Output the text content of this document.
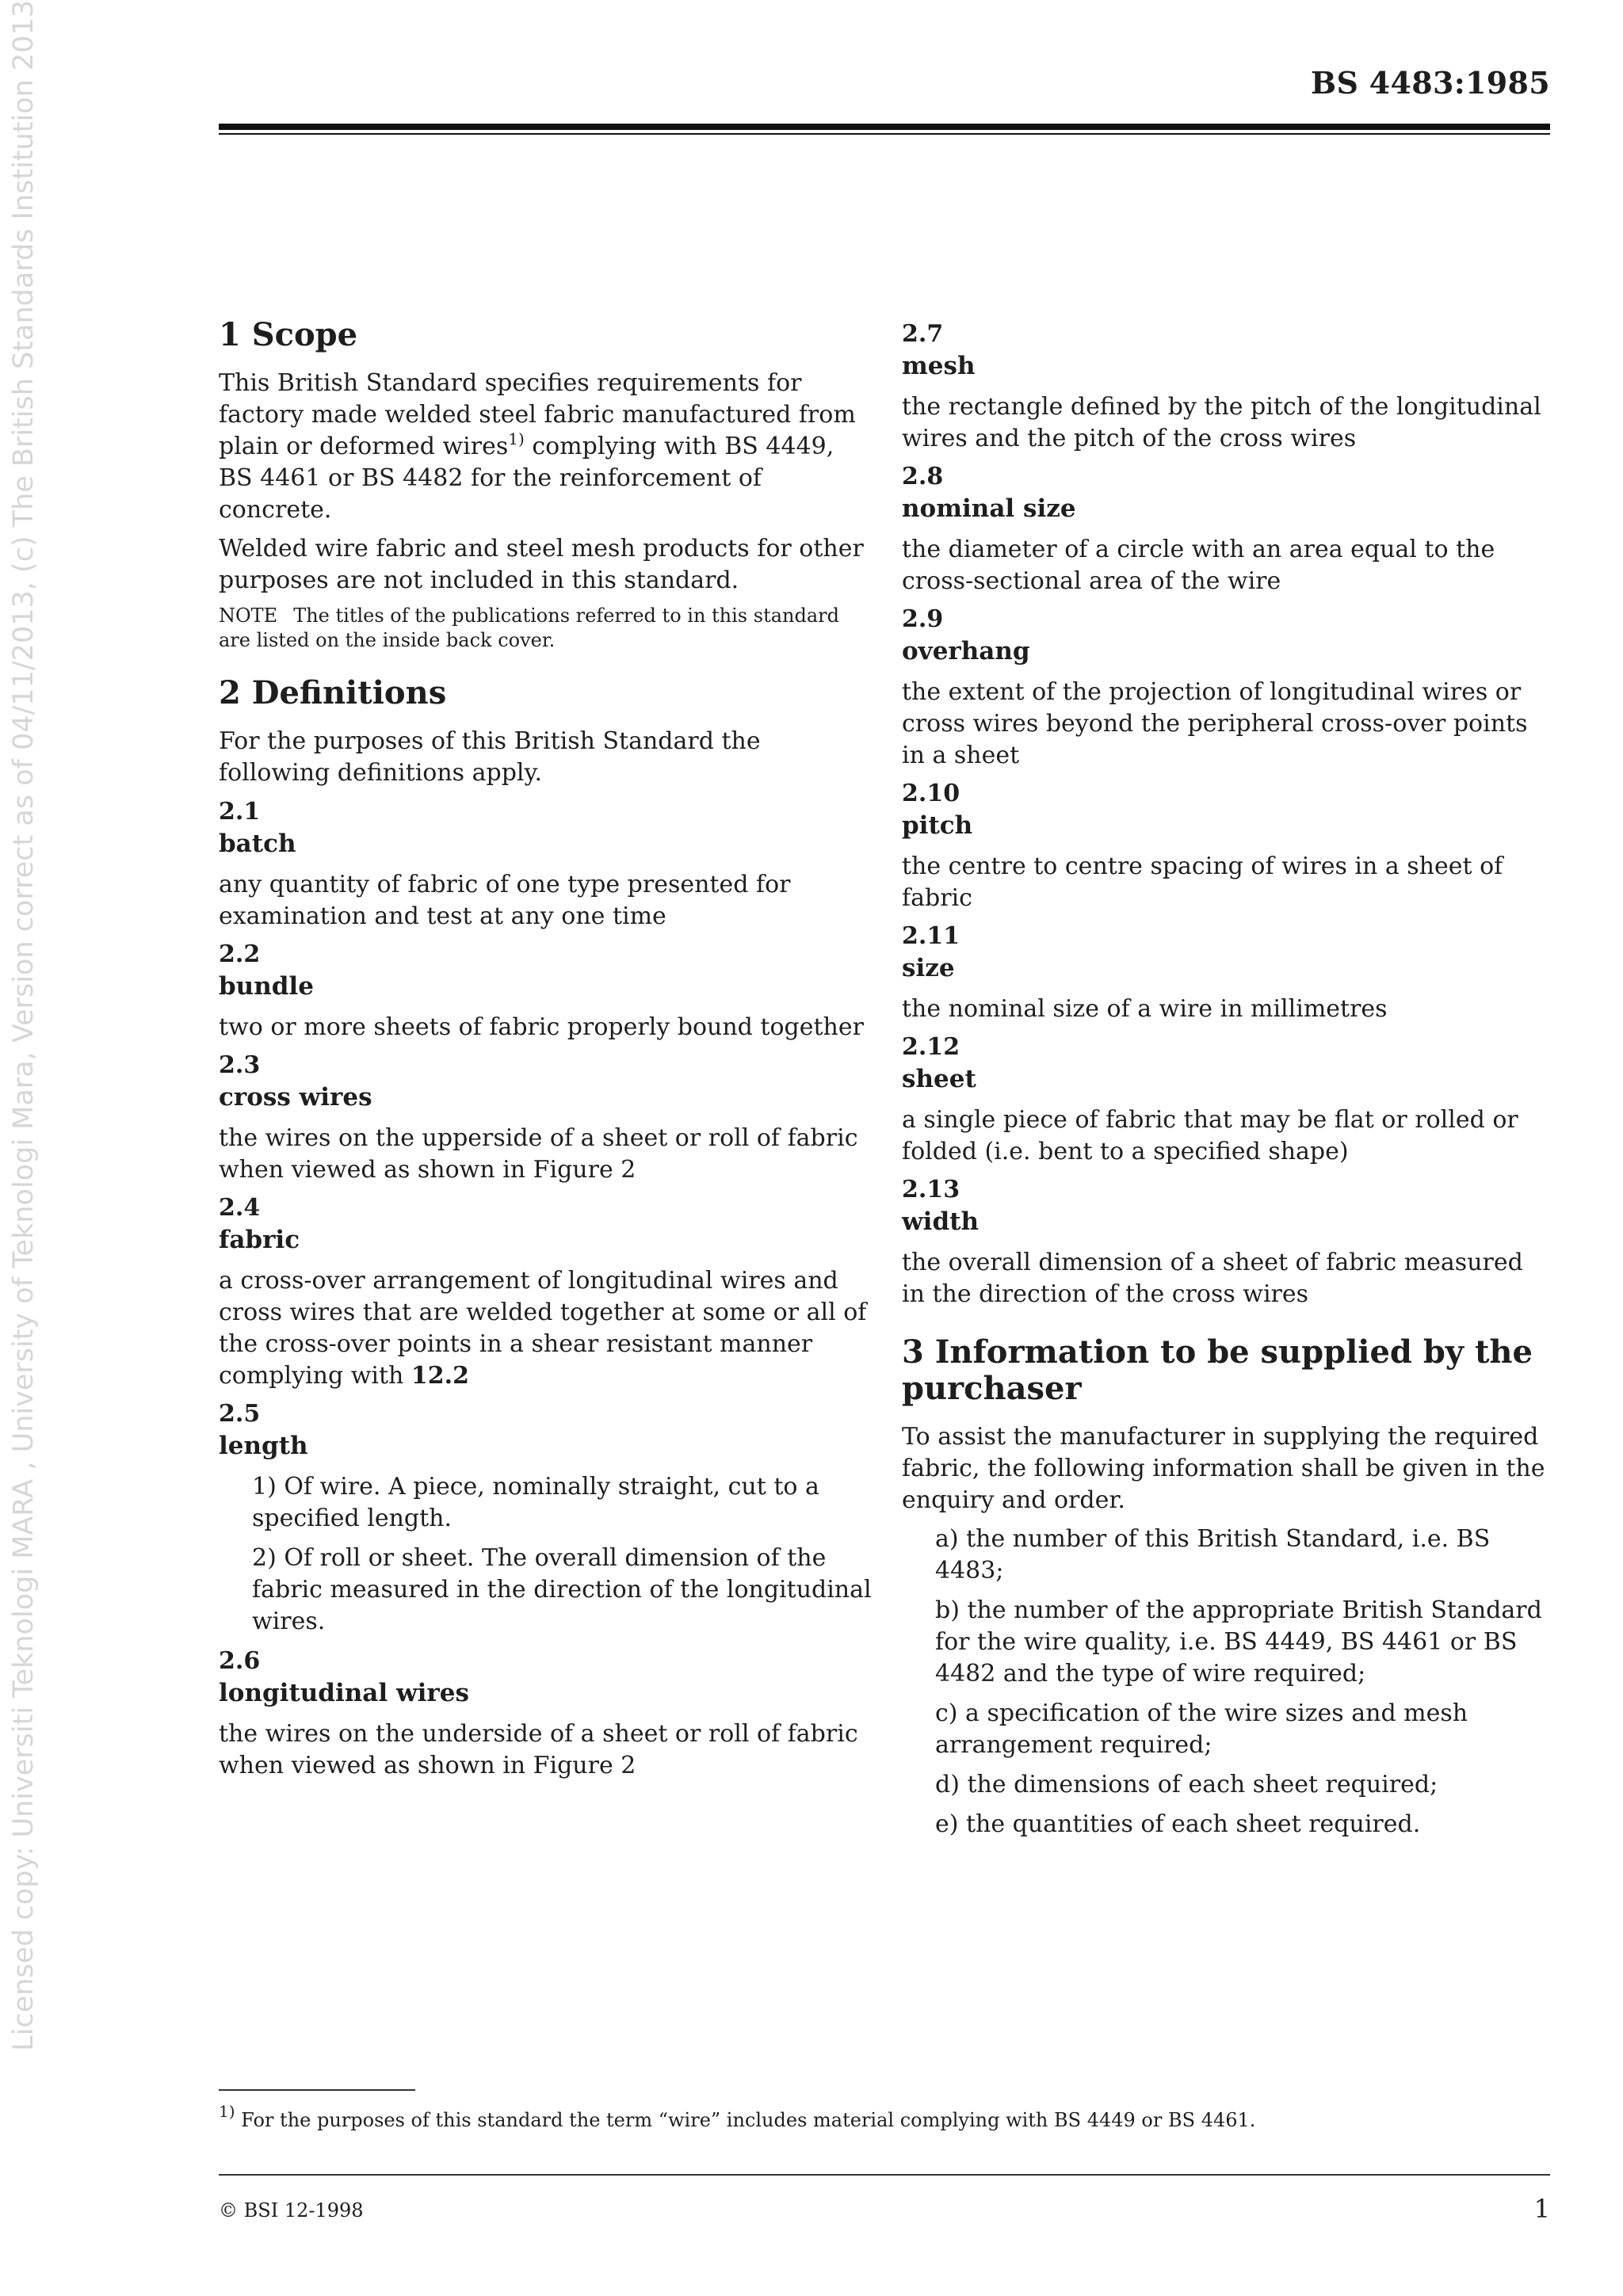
Licensed copy: Universiti Teknologi MARA , University of Teknologi Mara, Version correct as of 04/11/2013, (c) The British Standards Institution 2013	BS 4483:1985
1 Scope

This British Standard specifies requirements for factory made welded steel fabric manufactured from plain or deformed wires$^{1)}$ complying with BS 4449, BS 4461 or BS 4482 for the reinforcement of concrete.

Welded wire fabric and steel mesh products for other purposes are not included in this standard.

NOTE The titles of the publications referred to in this standard are listed on the inside back cover.

2 Definitions

For the purposes of this British Standard the following definitions apply.

2.1
batch
any quantity of fabric of one type presented for examination and test at any one time
2.2
bundle
two or more sheets of fabric properly bound together
2.3
cross wires
the wires on the upperside of a sheet or roll of fabric when viewed as shown in Figure 2
2.4
fabric
a cross-over arrangement of longitudinal wires and cross wires that are welded together at some or all of the cross-over points in a shear resistant manner complying with 12.2
2.5
length
1) Of wire. A piece, nominally straight, cut to a specified length.
2) Of roll or sheet. The overall dimension of the fabric measured in the direction of the longitudinal wires.
2.6
longitudinal wires
the wires on the underside of a sheet or roll of fabric when viewed as shown in Figure 2
2.7
mesh
the rectangle defined by the pitch of the longitudinal wires and the pitch of the cross wires
2.8
nominal size
the diameter of a circle with an area equal to the cross-sectional area of the wire
2.9
overhang
the extent of the projection of longitudinal wires or cross wires beyond the peripheral cross-over points in a sheet
2.10
pitch
the centre to centre spacing of wires in a sheet of fabric
2.11
size
the nominal size of a wire in millimetres
2.12
sheet
a single piece of fabric that may be flat or rolled or folded (i.e. bent to a specified shape)
2.13
width
the overall dimension of a sheet of fabric measured in the direction of the cross wires
3 Information to be supplied by the purchaser

To assist the manufacturer in supplying the required fabric, the following information shall be given in the enquiry and order.

a) the number of this British Standard, i.e. BS 4483;
b) the number of the appropriate British Standard for the wire quality, i.e. BS 4449, BS 4461 or BS 4482 and the type of wire required;
c) a specification of the wire sizes and mesh arrangement required;
d) the dimensions of each sheet required;
e) the quantities of each sheet required.
$^{1)}$ For the purposes of this standard the term “wire” includes material complying with BS 4449 or BS 4461.
© BSI 12-1998	1
